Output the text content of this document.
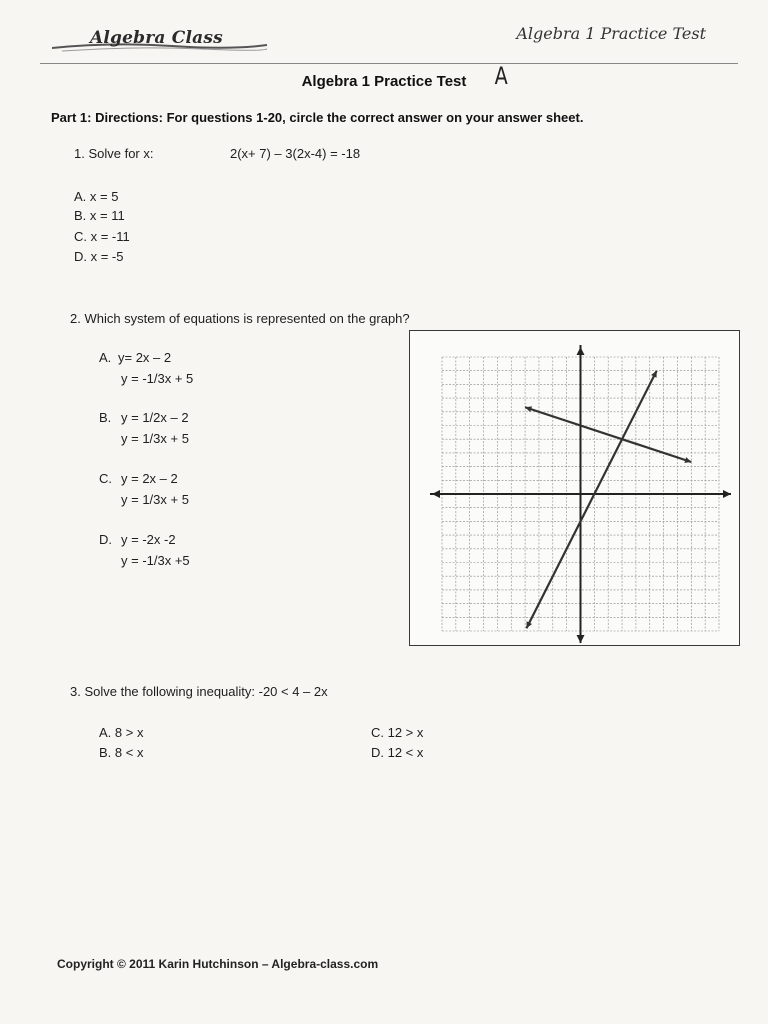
Algebra Class	Algebra 1 Practice Test
Algebra 1 Practice Test	A
Part 1: Directions: For questions 1-20, circle the correct answer on your answer sheet.
1. Solve for x:	2(x+ 7) – 3(2x-4) = -18
A. x = 5
B. x = 11
C. x = -11
D. x = -5
2. Which system of equations is represented on the graph?
A. y= 2x – 2
y = -1/3x + 5
B. y = 1/2x – 2
y = 1/3x + 5
C. y = 2x – 2
y = 1/3x + 5
D. y = -2x -2
y = -1/3x +5
3. Solve the following inequality: -20 < 4 – 2x
A. 8 > x
B. 8 < x
C. 12 > x
D. 12 < x
Copyright © 2011 Karin Hutchinson – Algebra-class.com
